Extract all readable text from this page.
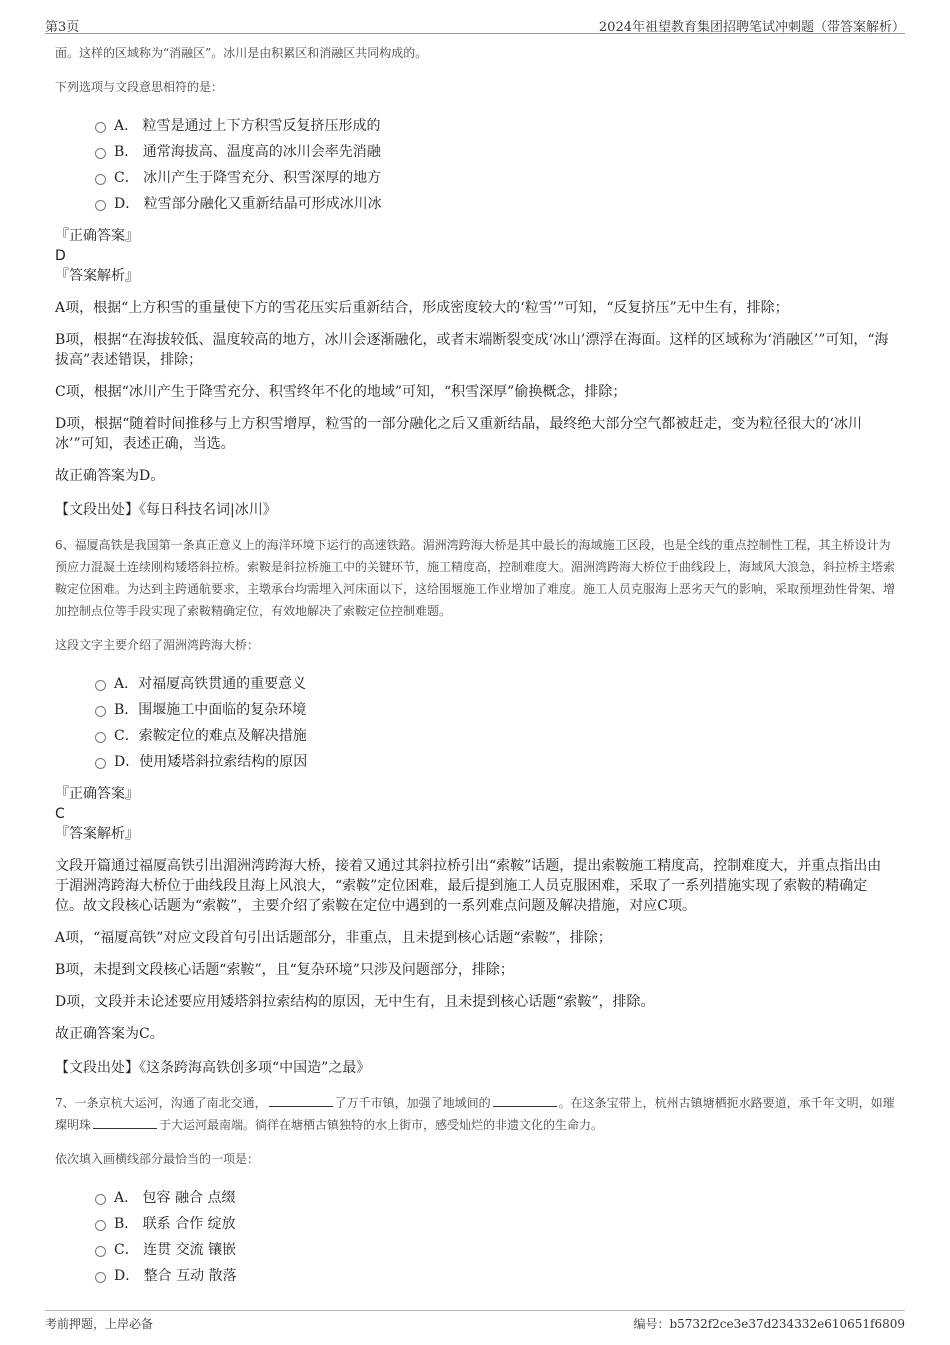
第3页	2024年祖望教育集团招聘笔试冲刺题（带答案解析）

面。这样的区域称为“消融区”。冰川是由积累区和消融区共同构成的。

下列选项与文段意思相符的是：

A． 粒雪是通过上下方积雪反复挤压形成的
B． 通常海拔高、温度高的冰川会率先消融
C． 冰川产生于降雪充分、积雪深厚的地方
D． 粒雪部分融化又重新结晶可形成冰川冰
『正确答案』
D
『答案解析』

A项，根据“上方积雪的重量使下方的雪花压实后重新结合，形成密度较大的‘粒雪’”可知，“反复挤压”无中生有，排除；

B项，根据“在海拔较低、温度较高的地方，冰川会逐渐融化，或者末端断裂变成‘冰山’漂浮在海面。这样的区域称为‘消融区’”可知，“海拔高”表述错误，排除；

C项，根据“冰川产生于降雪充分、积雪终年不化的地域”可知，“积雪深厚”偷换概念，排除；

D项，根据“随着时间推移与上方积雪增厚，粒雪的一部分融化之后又重新结晶，最终绝大部分空气都被赶走，变为粒径很大的‘冰川冰’”可知，表述正确，当选。

故正确答案为D。

【文段出处】《每日科技名词|冰川》

6、福厦高铁是我国第一条真正意义上的海洋环境下运行的高速铁路。湄洲湾跨海大桥是其中最长的海域施工区段，也是全线的重点控制性工程，其主桥设计为预应力混凝土连续刚构矮塔斜拉桥。索鞍是斜拉桥施工中的关键环节，施工精度高，控制难度大。湄洲湾跨海大桥位于曲线段上，海域风大浪急，斜拉桥主塔索鞍定位困难。为达到主跨通航要求，主墩承台均需埋入河床面以下，这给围堰施工作业增加了难度。施工人员克服海上恶劣天气的影响，采取预埋劲性骨架、增加控制点位等手段实现了索鞍精确定位，有效地解决了索鞍定位控制难题。

这段文字主要介绍了湄洲湾跨海大桥：

A．对福厦高铁贯通的重要意义
B．围堰施工中面临的复杂环境
C．索鞍定位的难点及解决措施
D．使用矮塔斜拉索结构的原因
『正确答案』
C
『答案解析』

文段开篇通过福厦高铁引出湄洲湾跨海大桥，接着又通过其斜拉桥引出“索鞍”话题，提出索鞍施工精度高，控制难度大，并重点指出由于湄洲湾跨海大桥位于曲线段且海上风浪大，“索鞍”定位困难，最后提到施工人员克服困难，采取了一系列措施实现了索鞍的精确定位。故文段核心话题为“索鞍”，主要介绍了索鞍在定位中遇到的一系列难点问题及解决措施，对应C项。

A项，“福厦高铁”对应文段首句引出话题部分，非重点，且未提到核心话题“索鞍”，排除；

B项，未提到文段核心话题“索鞍”，且“复杂环境”只涉及问题部分，排除；

D项，文段并未论述要应用矮塔斜拉索结构的原因，无中生有，且未提到核心话题“索鞍”，排除。

故正确答案为C。

【文段出处】《这条跨海高铁创多项“中国造”之最》

7、一条京杭大运河，沟通了南北交通，	了万千市镇，加强了地域间的	。在这条宝带上，杭州古镇塘栖扼水路要道，承千年文明，如璀璨明珠	于大运河最南端。徜徉在塘栖古镇独特的水上街市，感受灿烂的非遗文化的生命力。

依次填入画横线部分最恰当的一项是：

A． 包容 融合 点缀
B． 联系 合作 绽放
C． 连贯 交流 镶嵌
D． 整合 互动 散落
考前押题，上岸必备	编号：b5732f2ce3e37d234332e610651f6809
